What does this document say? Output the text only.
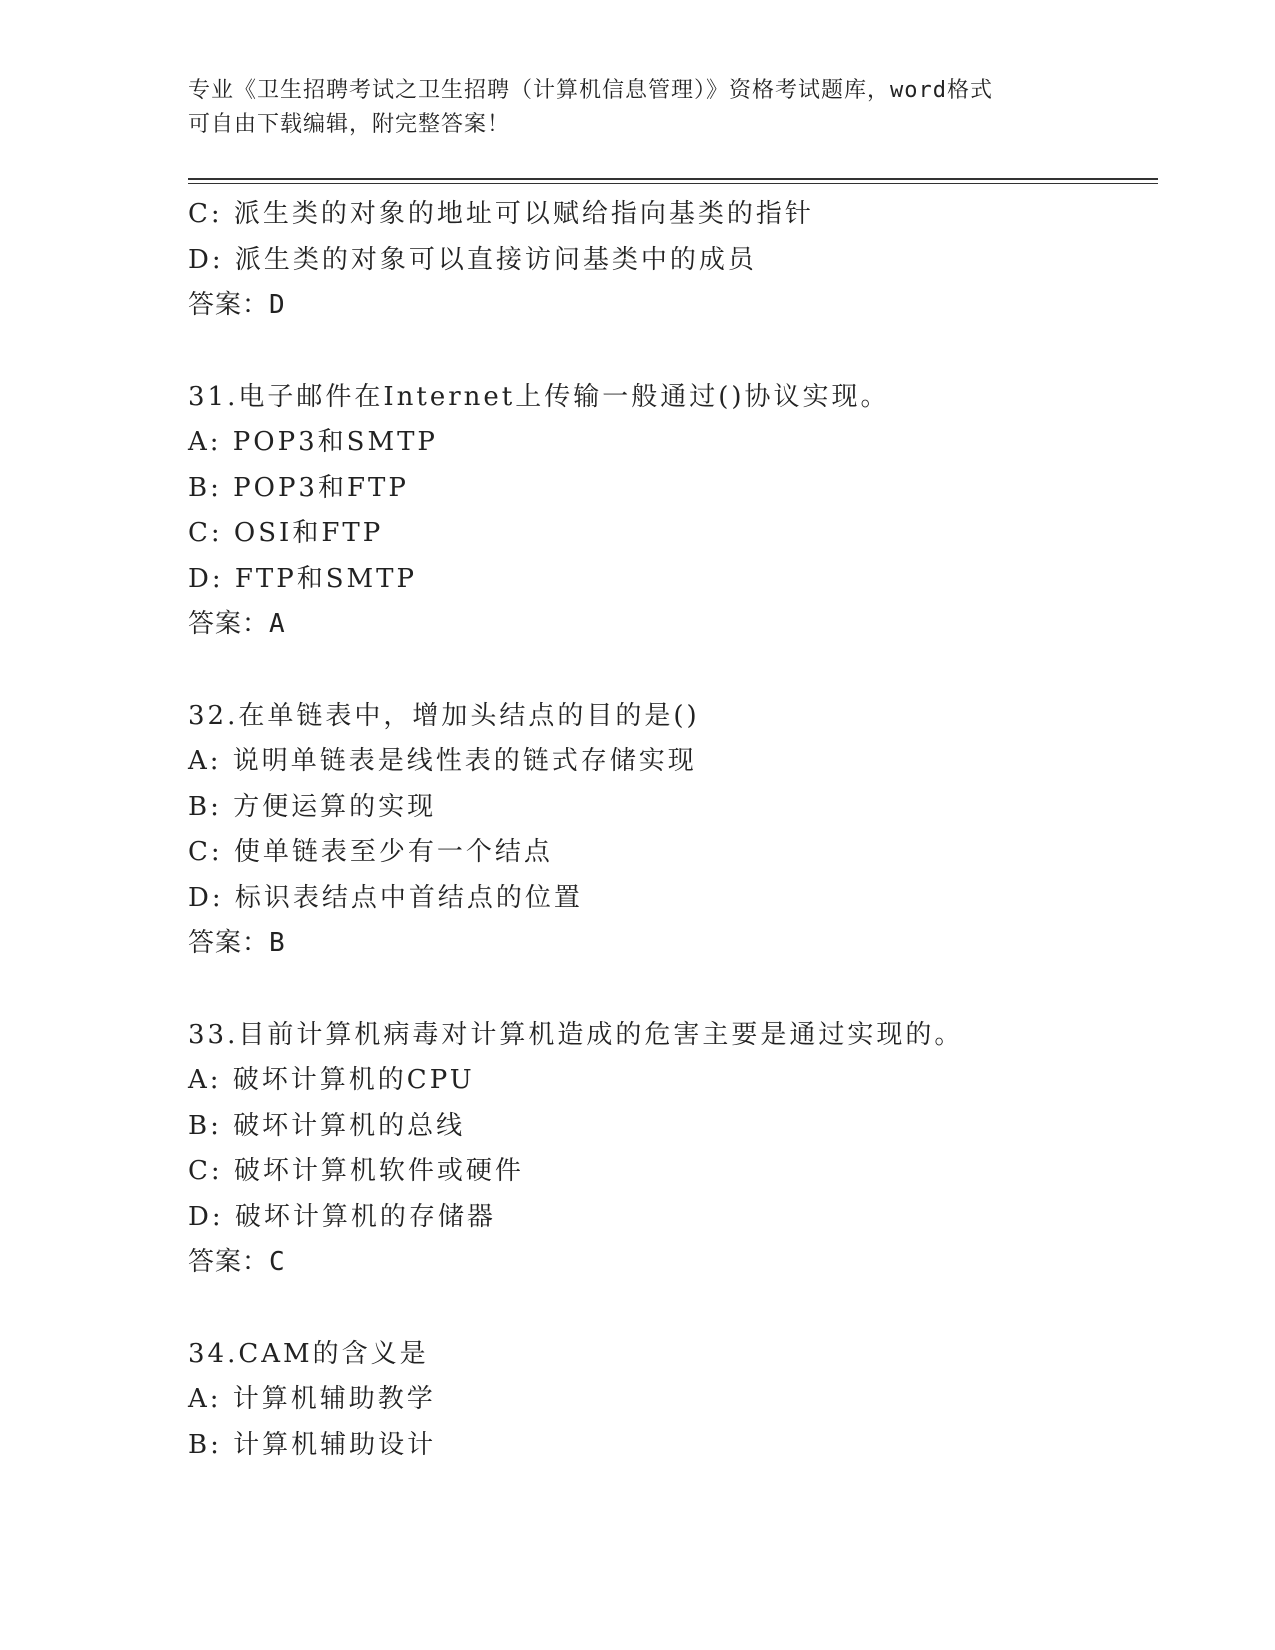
专业《卫生招聘考试之卫生招聘（计算机信息管理）》资格考试题库，word格式
可自由下载编辑，附完整答案！
C: 派生类的对象的地址可以赋给指向基类的指针
D: 派生类的对象可以直接访问基类中的成员
答案：D
31.电子邮件在Internet上传输一般通过()协议实现。
A: POP3和SMTP
B: POP3和FTP
C: OSI和FTP
D: FTP和SMTP
答案：A
32.在单链表中，增加头结点的目的是()
A: 说明单链表是线性表的链式存储实现
B: 方便运算的实现
C: 使单链表至少有一个结点
D: 标识表结点中首结点的位置
答案：B
33.目前计算机病毒对计算机造成的危害主要是通过实现的。
A: 破坏计算机的CPU
B: 破坏计算机的总线
C: 破坏计算机软件或硬件
D: 破坏计算机的存储器
答案：C
34.CAM的含义是
A: 计算机辅助教学
B: 计算机辅助设计
